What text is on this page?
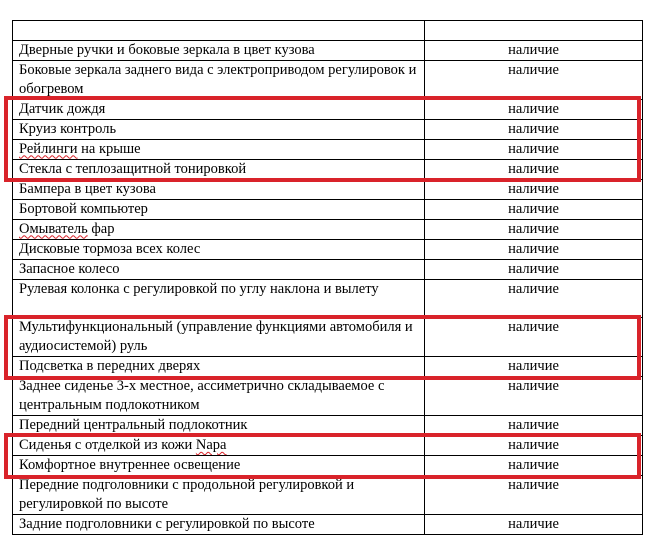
Дверные ручки и боковые зеркала в цвет кузова	наличие
Боковые зеркала заднего вида с электроприводом регулировок и обогревом	наличие
Датчик дождя	наличие
Круиз контроль	наличие
Рейлинги на крыше	наличие
Стекла с теплозащитной тонировкой	наличие
Бампера в цвет кузова	наличие
Бортовой компьютер	наличие
Омыватель фар	наличие
Дисковые тормоза всех колес	наличие
Запасное колесо	наличие
Рулевая колонка с регулировкой по углу наклона и вылету	наличие
Мультифункциональный (управление функциями автомобиля и аудиосистемой) руль	наличие
Подсветка в передних дверях	наличие
Заднее сиденье 3-х местное, ассиметрично складываемое с центральным подлокотником	наличие
Передний центральный подлокотник	наличие
Сиденья с отделкой из кожи Napa	наличие
Комфортное внутреннее освещение	наличие
Передние подголовники с продольной регулировкой и регулировкой по высоте	наличие
Задние подголовники с регулировкой по высоте	наличие
